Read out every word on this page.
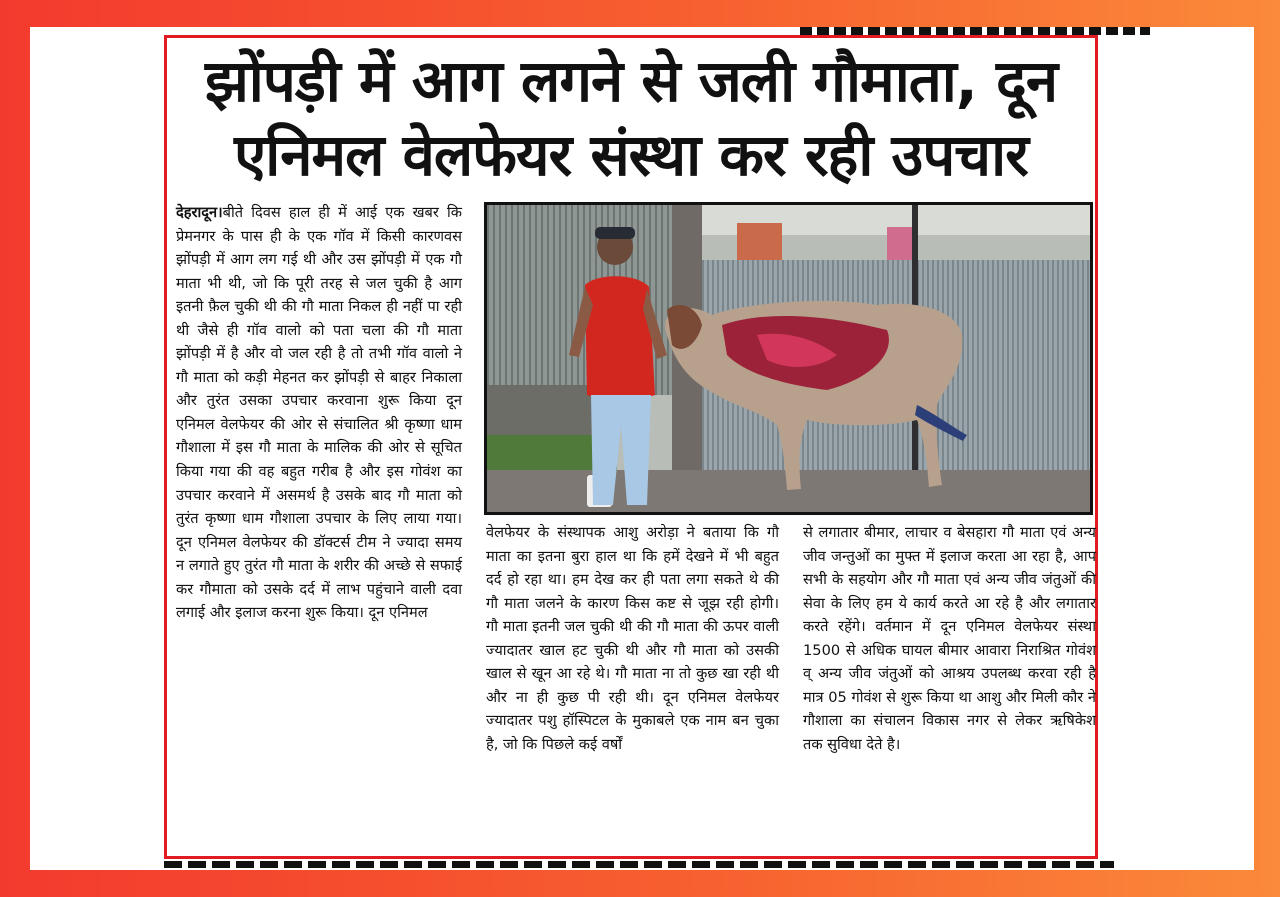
झोंपड़ी में आग लगने से जली गौमाता, दून
एनिमल वेलफेयर संस्था कर रही उपचार
देहरादून।बीते दिवस हाल ही में आई एक खबर कि प्रेमनगर के पास ही के एक गॉव में किसी कारणवस झोंपड़ी में आग लग गई थी और उस झोंपड़ी में एक गौ माता भी थी, जो कि पूरी तरह से जल चुकी है आग इतनी फ़ैल चुकी थी की गौ माता निकल ही नहीं पा रही थी जैसे ही गॉव वालो को पता चला की गौ माता झोंपड़ी में है और वो जल रही है तो तभी गॉव वालो ने गौ माता को कड़ी मेहनत कर झोंपड़ी से बाहर निकाला और तुरंत उसका उपचार करवाना शुरू किया दून एनिमल वेलफेयर की ओर से संचालित श्री कृष्णा धाम गौशाला में इस गौ माता के मालिक की ओर से सूचित किया गया की वह बहुत गरीब है और इस गोवंश का उपचार करवाने में असमर्थ है उसके बाद गौ माता को तुरंत कृष्णा धाम गौशाला उपचार के लिए लाया गया।दून एनिमल वेलफेयर की डॉक्टर्स टीम ने ज्यादा समय न लगाते हुए तुरंत गौ माता के शरीर की अच्छे से सफाई कर गौमाता को उसके दर्द में लाभ पहुंचाने वाली दवा लगाई और इलाज करना शुरू किया। दून एनिमल
वेलफेयर के संस्थापक आशु अरोड़ा ने बताया कि गौ माता का इतना बुरा हाल था कि हमें देखने में भी बहुत दर्द हो रहा था। हम देख कर ही पता लगा सकते थे की गौ माता जलने के कारण किस कष्ट से जूझ रही होगी। गौ माता इतनी जल चुकी थी की गौ माता की ऊपर वाली ज्यादातर खाल हट चुकी थी और गौ माता को उसकी खाल से खून आ रहे थे। गौ माता ना तो कुछ खा रही थी और ना ही कुछ पी रही थी। दून एनिमल वेलफेयर ज्यादातर पशु हॉस्पिटल के मुकाबले एक नाम बन चुका है, जो कि पिछले कई वर्षों
से लगातार बीमार, लाचार व बेसहारा गौ माता एवं अन्य जीव जन्तुओं का मुफ्त में इलाज करता आ रहा है, आप सभी के सहयोग और गौ माता एवं अन्य जीव जंतुओं की सेवा के लिए हम ये कार्य करते आ रहे है और लगातार करते रहेंगे। वर्तमान में दून एनिमल वेलफेयर संस्था 1500 से अधिक घायल बीमार आवारा निराश्रित गोवंश व् अन्य जीव जंतुओं को आश्रय उपलब्ध करवा रही है मात्र 05 गोवंश से शुरू किया था आशु और मिली कौर ने गौशाला का संचालन विकास नगर से लेकर ऋषिकेश तक सुविधा देते है।
